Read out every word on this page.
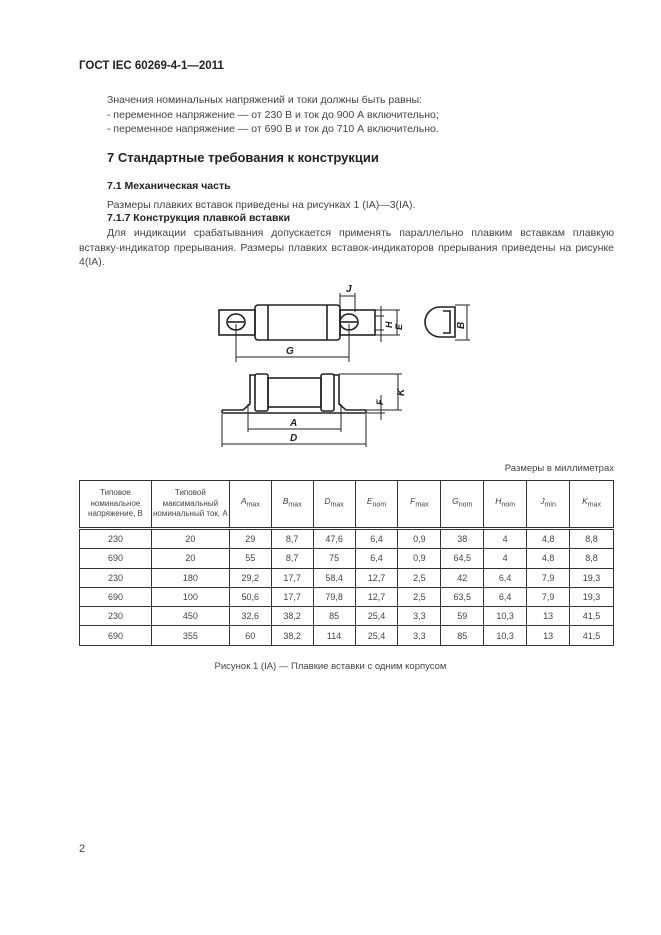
ГОСТ IEC 60269-4-1—2011
Значения номинальных напряжений и токи должны быть равны:
- переменное напряжение — от 230 В и ток до 900 А включительно;
- переменное напряжение — от 690 В и ток до 710 А включительно.
7 Стандартные требования к конструкции
7.1 Механическая часть
Размеры плавких вставок приведены на рисунках 1 (IA)—3(IA).
7.1.7 Конструкция плавкой вставки
Для индикации срабатывания допускается применять параллельно плавким вставкам плавкую вставку-индикатор прерывания. Размеры плавких вставок-индикаторов прерывания приведены на рисунке 4(IA).
G
J
H E	B
A
D
F
K
Размеры в миллиметрах
Типовое номинальное напряжение, В	Типовой максимальный номинальный ток, А	$A_{max}$	$B_{max}$	$D_{max}$	$E_{nom}$	$F_{max}$	$G_{nom}$	$H_{nom}$	$J_{min}$	$K_{max}$
230	20	29	8,7	47,6	6,4	0,9	38	4	4,8	8,8
690	20	55	8,7	75	6,4	0,9	64,5	4	4,8	8,8
230	180	29,2	17,7	58,4	12,7	2,5	42	6,4	7,9	19,3
690	100	50,6	17,7	79,8	12,7	2,5	63,5	6,4	7,9	19,3
230	450	32,6	38,2	85	25,4	3,3	59	10,3	13	41,5
690	355	60	38,2	114	25,4	3,3	85	10,3	13	41,5
Рисунок 1 (IA) — Плавкие вставки с одним корпусом
2
